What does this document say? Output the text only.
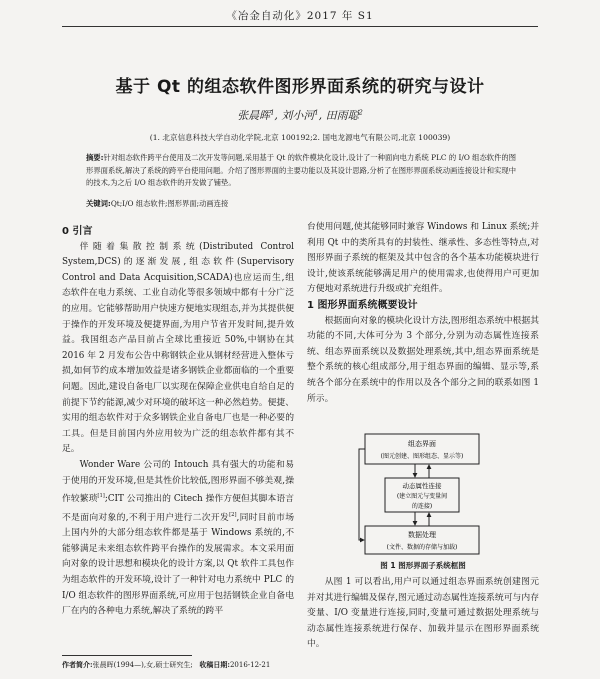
《冶金自动化》2017 年 S1
基于 Qt 的组态软件图形界面系统的研究与设计
张晨晖$^1$, 刘小河$^1$, 田雨聪$^2$
(1. 北京信息科技大学自动化学院,北京 100192;2. 国电龙源电气有限公司,北京 100039)
摘要:针对组态软件跨平台使用及二次开发等问题,采用基于 Qt 的软件模块化设计,设计了一种面向电力系统 PLC 的 I/O 组态软件的图形界面系统,解决了系统的跨平台使用问题。介绍了图形界面的主要功能以及其设计思路,分析了在图形界面系统动画连接设计和实现中的技术,为之后 I/O 组态软件的开发做了铺垫。
关键词:Qt;I/O 组态软件;图形界面;动画连接
0 引言

伴随着集散控制系统(Distributed Control System,DCS)的逐渐发展,组态软件(Supervisory Control and Data Acquisition,SCADA)也应运而生,组态软件在电力系统、工业自动化等很多领域中都有十分广泛的应用。它能够帮助用户快速方便地实现组态,并为其提供便于操作的开发环境及便捷界面,为用户节省开发时间,提升效益。我国组态产品目前占全球比重接近 50%,中钢协在其 2016 年 2 月发布公告中称钢铁企业从钢材经营进入整体亏损,如何节约成本增加效益是诸多钢铁企业都面临的一个重要问题。因此,建设自备电厂以实现在保障企业供电自给自足的前提下节约能源,减少对环境的破坏这一种必然趋势。便捷、实用的组态软件对于众多钢铁企业自备电厂也是一种必要的工具。但是目前国内外应用较为广泛的组态软件都有其不足。

Wonder Ware 公司的 Intouch 具有强大的功能和易于使用的开发环境,但是其性价比较低,图形界面不够美观,操作较繁琐[1];CIT 公司推出的 Citech 操作方便但其脚本语言不是面向对象的,不利于用户进行二次开发[2],同时目前市场上国内外的大部分组态软件都是基于 Windows 系统的,不能够满足未来组态软件跨平台操作的发展需求。本文采用面向对象的设计思想和模块化的设计方案,以 Qt 软件工具包作为组态软件的开发环境,设计了一种针对电力系统中 PLC 的 I/O 组态软件的图形界面系统,可应用于包括钢铁企业自备电厂在内的各种电力系统,解决了系统的跨平

台使用问题,使其能够同时兼容 Windows 和 Linux 系统;并利用 Qt 中的类所具有的封装性、继承性、多态性等特点,对图形界面子系统的框架及其中包含的各个基本功能模块进行设计,使该系统能够满足用户的使用需求,也使得用户可更加方便地对系统进行升级或扩充组件。

1 图形界面系统概要设计

根据面向对象的模块化设计方法,图形组态系统中根据其功能的不同,大体可分为 3 个部分,分别为动态属性连接系统、组态界面系统以及数据处理系统,其中,组态界面系统是整个系统的核心组成部分,用于组态界面的编辑、显示等,系统各个部分在系统中的作用以及各个部分之间的联系如图 1 所示。

组态界面
(图元创建、图形组态、显示等)
动态属性连接
(建立图元与变量间
的连接)
数据处理
(文件、数据的存储与加载)
图 1 图形界面子系统框图

从图 1 可以看出,用户可以通过组态界面系统创建图元并对其进行编辑及保存,图元通过动态属性连接系统可与内存变量、I/O 变量进行连接,同时,变量可通过数据处理系统与动态属性连接系统进行保存、加载并显示在图形界面系统中。

作者简介:张晨晖(1994—),女,硕士研究生; 收稿日期:2016-12-21
